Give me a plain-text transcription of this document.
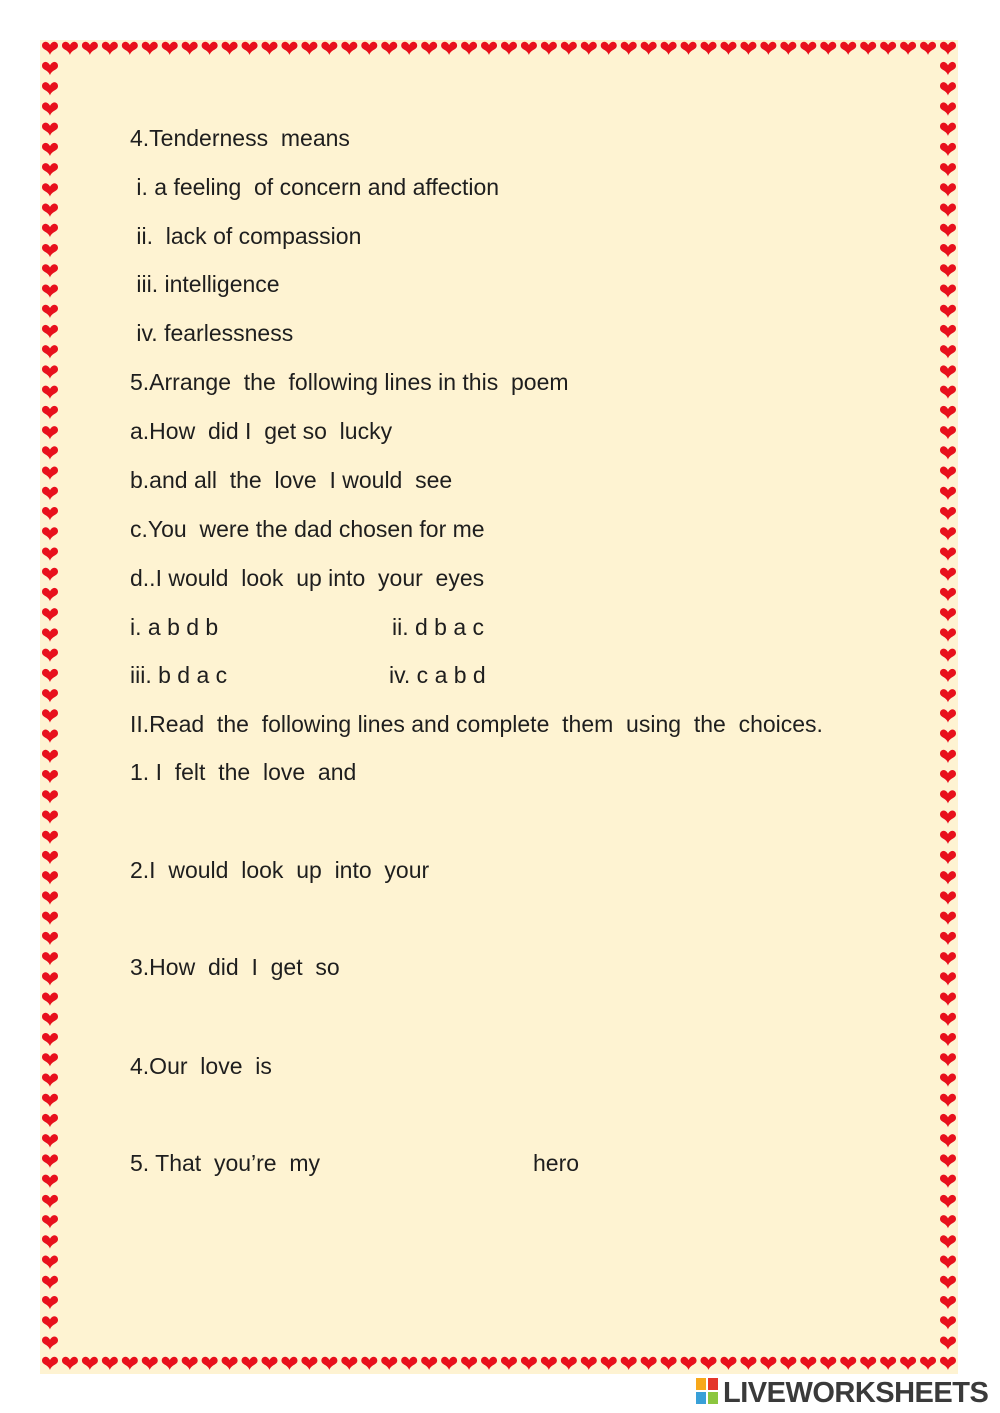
4.Tenderness  means
i. a feeling  of concern and affection
ii.  lack of compassion
iii. intelligence
iv. fearlessness
5.Arrange  the  following lines in this  poem
a.How  did I  get so  lucky
b.and all  the  love  I would  see
c.You  were the dad chosen for me
d..I would  look  up into  your  eyes
i. a b d b	ii. d b a c
iii. b d a c	iv. c a b d
II.Read  the  following lines and complete  them  using  the  choices.
1. I  felt  the  love  and
2.I  would  look  up  into  your
3.How  did  I  get  so
4.Our  love  is
5. That  you’re  my	hero
LIVEWORKSHEETS
